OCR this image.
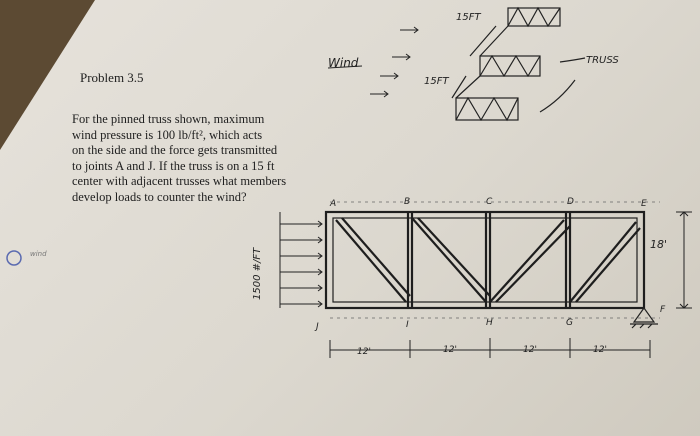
Problem 3.5
For the pinned truss shown, maximum
wind pressure is 100 lb/ft², which acts
on the side and the force gets transmitted
to joints A and J. If the truss is on a 15 ft
center with adjacent trusses what members
develop loads to counter the wind?
Wind
15FT
15FT
TRUSS
18'
wind	1500 #/FT
A	B	C	D	E
J	I	H	G
F
12'	12'	12'	12'
